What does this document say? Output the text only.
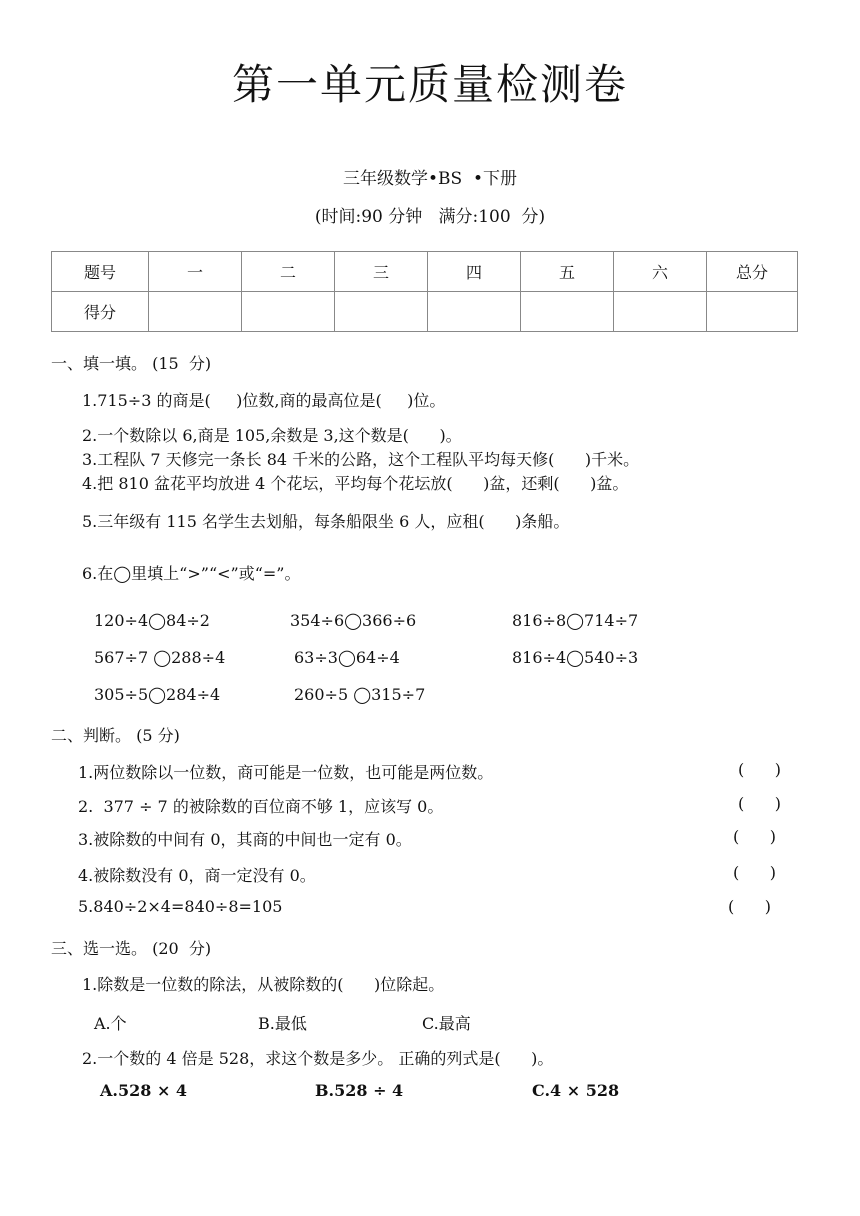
第一单元质量检测卷
三年级数学•BS  •下册
(时间:90 分钟   满分:100  分)
题号	一	二	三	四	五	六	总分
得分							
一、填一填。 (15  分)
1.715÷3 的商是(     )位数,商的最高位是(     )位。
2.一个数除以 6,商是 105,余数是 3,这个数是(      )。
3.工程队 7 天修完一条长 84 千米的公路，这个工程队平均每天修(      )千米。
4.把 810 盆花平均放进 4 个花坛，平均每个花坛放(      )盆，还剩(      )盆。
5.三年级有 115 名学生去划船，每条船限坐 6 人，应租(      )条船。
6.在◯里填上“>”“<”或“=”。
120÷4◯84÷2	354÷6◯366÷6	816÷8◯714÷7
567÷7 ◯288÷4	63÷3◯64÷4	816÷4◯540÷3
305÷5◯284÷4	260÷5 ◯315÷7
二、判断。 (5 分)
1.两位数除以一位数，商可能是一位数，也可能是两位数。	(      )
2.  377 ÷ 7 的被除数的百位商不够 1，应该写 0。	(      )
3.被除数的中间有 0，其商的中间也一定有 0。	(      )
4.被除数没有 0，商一定没有 0。	(      )
5.840÷2×4=840÷8=105	(      )
三、选一选。 (20  分)
1.除数是一位数的除法，从被除数的(      )位除起。
A.个	B.最低	C.最高
2.一个数的 4 倍是 528，求这个数是多少。 正确的列式是(      )。
A.528 × 4	B.528 ÷ 4	C.4 × 528
